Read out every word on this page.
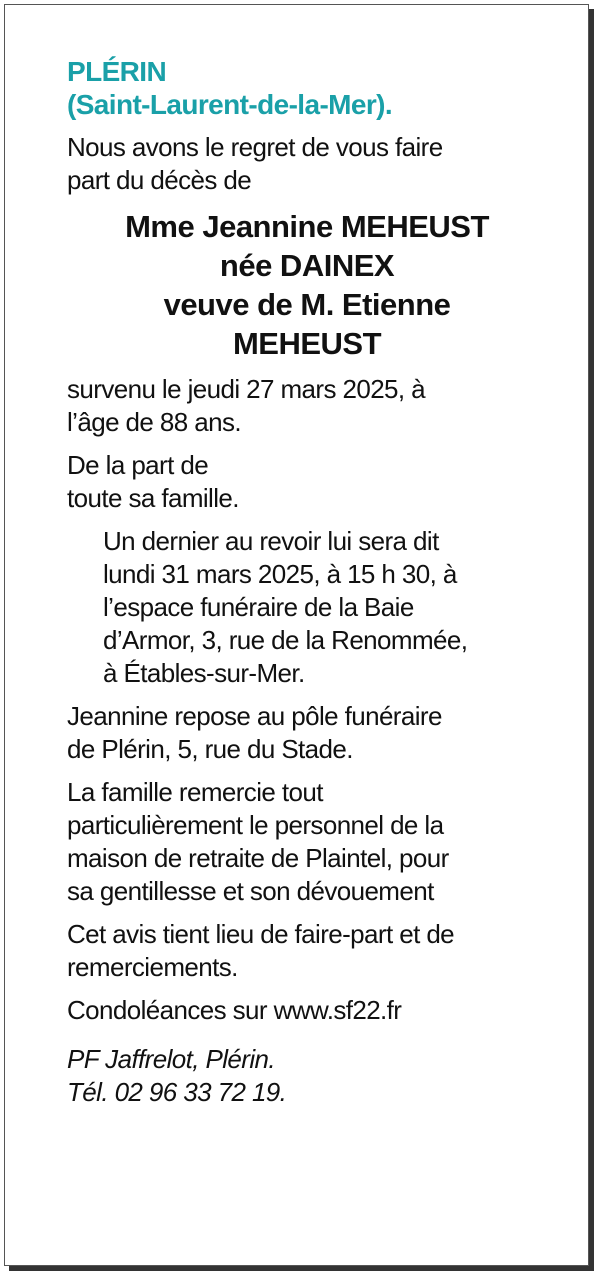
PLÉRIN
(Saint-Laurent-de-la-Mer).

Nous avons le regret de vous faire
part du décès de

Mme Jeannine MEHEUST
née DAINEX
veuve de M. Etienne
MEHEUST

survenu le jeudi 27 mars 2025, à
l’âge de 88 ans.

De la part de
toute sa famille.

Un dernier au revoir lui sera dit
lundi 31 mars 2025, à 15 h 30, à
l’espace funéraire de la Baie
d’Armor, 3, rue de la Renommée,
à Étables-sur-Mer.

Jeannine repose au pôle funéraire
de Plérin, 5, rue du Stade.

La famille remercie tout
particulièrement le personnel de la
maison de retraite de Plaintel, pour
sa gentillesse et son dévouement

Cet avis tient lieu de faire-part et de
remerciements.

Condoléances sur www.sf22.fr

PF Jaffrelot, Plérin.
Tél. 02 96 33 72 19.
